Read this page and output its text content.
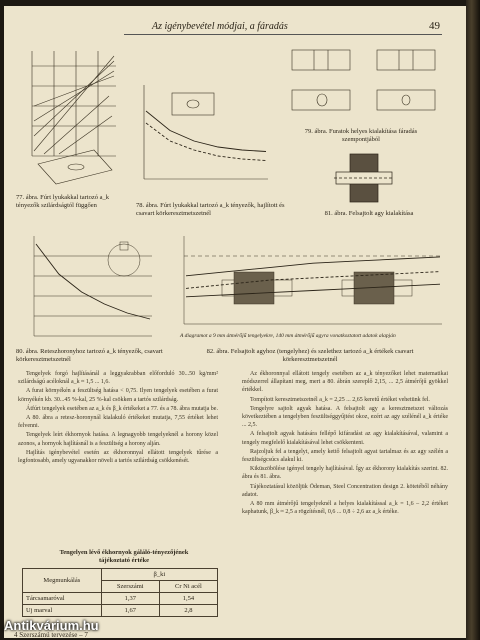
Az igénybevétel módjai, a fáradás	49
79. ábra. Furatok helyes kialakítása fáradás szempontjából
81. ábra. Felsajtolt agy kialakítása
77. ábra. Fúrt lyukakkal tartozó a_k tényezők szilárdságtól függően	78. ábra. Fúrt lyukakkal tartozó a_k tényezők, hajlított és csavart körkeresztmetszetnél
80. ábra. Reteszhoronyhoz tartozó a_k tényezők, csavart körkeresztmetszetnél
A diagramot a 9 mm átmérőjű tengelyekre, 140 mm átmérőjű agyra vonatkoztatott adatok alapján
82. ábra. Felsajtolt agyhoz (tengelyhez) és szelethez tartozó a_k értékek csavart körkeresztmetszetnél

Tengelyek forgó hajlításánál a leggyakrabban előforduló 30...50 kg/mm² szilárdságú acéloknál a_k ≈ 1,5 ... 1,6.

A furat környékén a feszültség hatása < 0,75. Ilyen tengelyek esetében a furat környékén kb. 30...45 %-kal, 25 %-kal csökken a tartós szilárdság.

Átfúrt tengelyek esetében az a_k és β_k értékeket a 77. és a 78. ábra mutatja be.

A 80. ábra a retesz-horonynál kialakuló értékeket mutatja, 7,55 értéket lehet felvenni.

Tengelyek leírt ékhornyok hatása. A legnagyobb tengelyeknél a horony közel azonos, a hornyok hajlításnál is a feszültség a horony alján.

Hajlítás igénybevétel esetén az ékhoronnyal ellátott tengelyek tűrése a legfontosabb, amely ugyanakkor növeli a tartós szilárdság csökkenését.

Az ékhoronnyal ellátott tengely esetében az a_k tényezőket lehet matematikai módszerrel állapítani meg, mert a 80. ábrán szereplő 2,15, ... 2,5 átmérőjű gyökkel értékkel.

Tompított keresztmetszetnél a_k = 2,25 ... 2,65 keretű értéket vehetünk fel.

Tengelyre sajtolt agyak hatása. A felsajtolt agy a keresztmetszet változás következtében a tengelyben feszültséggyűjtést okoz, ezért az agy szélénél a_k értéke ... 2,5.

A felsajtolt agyak hatására fellépő kifáradást az agy kialakításával, valamint a tengely megfelelő kialakításával lehet csökkenteni.

Rajzoljuk fel a tengelyt, amely kettő felsajtolt agyat tartalmaz és az agy szélén a feszültségcsúcs alakul ki.

Kiküszöbölése igényel tengely hajlításával. Így az ékhorony kialakítás szerint. 82. ábra és 81. ábra.

Tájékoztatásul közöljük Ödeman, Steel Concentration design 2. kötetéből néhány adatot.

A 80 mm átmérőjű tengelyeknél a helyes kialakítással a_k = 1,6 – 2,2 értéket kaphatunk, β_k ≈ 2,5 a rögzítésnél, 0,6 ... 0,8 ÷ 2,6 az a_k értéke.

Tengelyen lévő ékhornyok gáláló-tényezőjének tájékoztató értéke
Megmunkálás	β_ki	
	Szerszámi	Cr Ni acél
Tárcsamaróval	1,37	1,54
Uj marval	1,67	2,8
4 Szerszámú tervezése – 7
Antikvárium.hu
